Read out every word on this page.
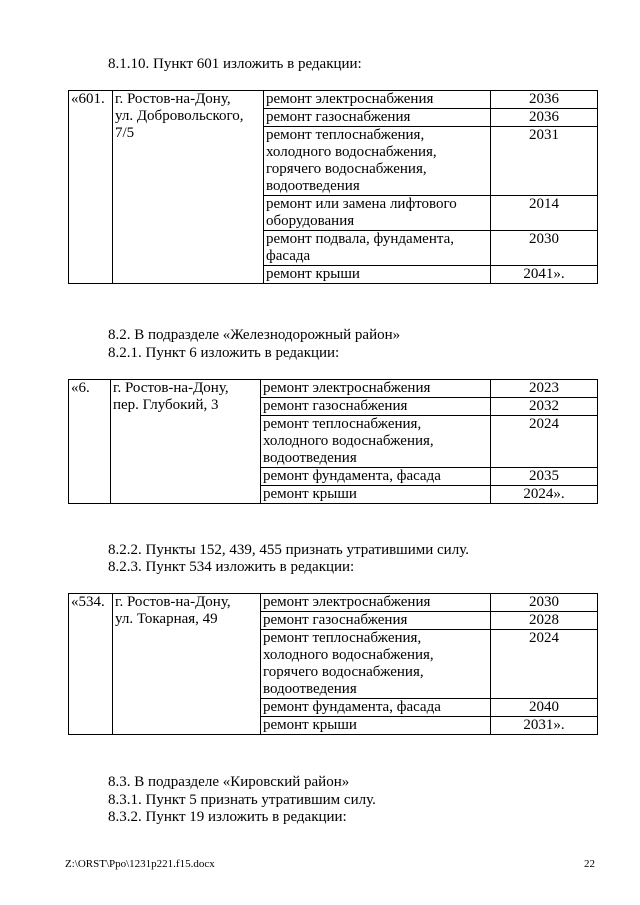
8.1.10. Пункт 601 изложить в редакции:
«601.	г. Ростов-на-Дону,
ул. Добровольского,
7/5	ремонт электроснабжения	2036
		ремонт газоснабжения	2036
		ремонт теплоснабжения,
холодного водоснабжения,
горячего водоснабжения,
водоотведения	2031
		ремонт или замена лифтового
оборудования	2014
		ремонт подвала, фундамента,
фасада	2030
		ремонт крыши	2041».
8.2. В подразделе «Железнодорожный район»
8.2.1. Пункт 6 изложить в редакции:
«6.	г. Ростов-на-Дону,
пер. Глубокий, 3	ремонт электроснабжения	2023
		ремонт газоснабжения	2032
		ремонт теплоснабжения,
холодного водоснабжения,
водоотведения	2024
		ремонт фундамента, фасада	2035
		ремонт крыши	2024».
8.2.2. Пункты 152, 439, 455 признать утратившими силу.
8.2.3. Пункт 534 изложить в редакции:
«534.	г. Ростов-на-Дону,
ул. Токарная, 49	ремонт электроснабжения	2030
		ремонт газоснабжения	2028
		ремонт теплоснабжения,
холодного водоснабжения,
горячего водоснабжения,
водоотведения	2024
		ремонт фундамента, фасада	2040
		ремонт крыши	2031».
8.3. В подразделе «Кировский район»
8.3.1. Пункт 5 признать утратившим силу.
8.3.2. Пункт 19 изложить в редакции:
Z:\ORST\Ppo\1231p221.f15.docx	22
